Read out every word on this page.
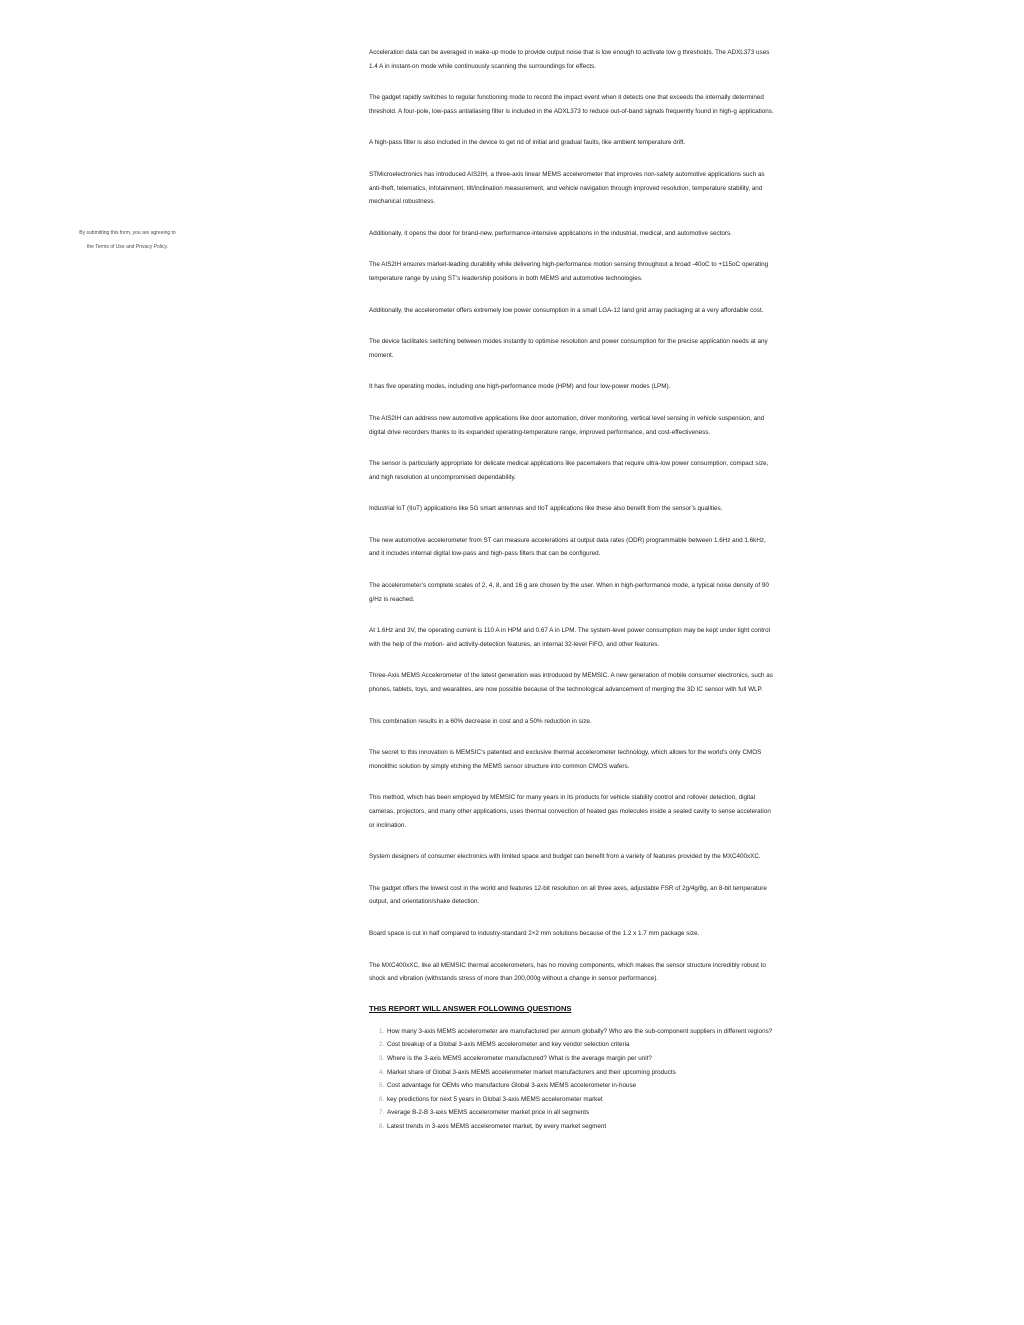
By submitting this form, you are agreeing to

the Terms of Use and Privacy Policy.

Acceleration data can be averaged in wake-up mode to provide output noise that is low enough to activate low g thresholds. The ADXL373 uses 1.4 A in instant-on mode while continuously scanning the surroundings for effects.

The gadget rapidly switches to regular functioning mode to record the impact event when it detects one that exceeds the internally determined threshold. A four-pole, low-pass antialiasing filter is included in the ADXL373 to reduce out-of-band signals frequently found in high-g applications.

A high-pass filter is also included in the device to get rid of initial and gradual faults, like ambient temperature drift.

STMicroelectronics has introduced AIS2IH, a three-axis linear MEMS accelerometer that improves non-safety automotive applications such as anti-theft, telematics, infotainment, tilt/inclination measurement, and vehicle navigation through improved resolution, temperature stability, and mechanical robustness.

Additionally, it opens the door for brand-new, performance-intensive applications in the industrial, medical, and automotive sectors.

The AIS2IH ensures market-leading durability while delivering high-performance motion sensing throughout a broad -40oC to +115oC operating temperature range by using ST’s leadership positions in both MEMS and automotive technologies.

Additionally, the accelerometer offers extremely low power consumption in a small LGA-12 land grid array packaging at a very affordable cost.

The device facilitates switching between modes instantly to optimise resolution and power consumption for the precise application needs at any moment.

It has five operating modes, including one high-performance mode (HPM) and four low-power modes (LPM).

The AIS2IH can address new automotive applications like door automation, driver monitoring, vertical level sensing in vehicle suspension, and digital drive recorders thanks to its expanded operating-temperature range, improved performance, and cost-effectiveness.

The sensor is particularly appropriate for delicate medical applications like pacemakers that require ultra-low power consumption, compact size, and high resolution at uncompromised dependability.

Industrial IoT (IIoT) applications like 5G smart antennas and IIoT applications like these also benefit from the sensor’s qualities.

The new automotive accelerometer from ST can measure accelerations at output data rates (ODR) programmable between 1.6Hz and 1.6kHz, and it includes internal digital low-pass and high-pass filters that can be configured.

The accelerometer’s complete scales of 2, 4, 8, and 16 g are chosen by the user. When in high-performance mode, a typical noise density of 90 g/Hz is reached.

At 1.6Hz and 3V, the operating current is 110 A in HPM and 0.67 A in LPM. The system-level power consumption may be kept under tight control with the help of the motion- and activity-detection features, an internal 32-level FIFO, and other features.

Three-Axis MEMS Accelerometer of the latest generation was introduced by MEMSIC. A new generation of mobile consumer electronics, such as phones, tablets, toys, and wearables, are now possible because of the technological advancement of merging the 3D IC sensor with full WLP.

This combination results in a 60% decrease in cost and a 50% reduction in size.

The secret to this innovation is MEMSIC’s patented and exclusive thermal accelerometer technology, which allows for the world’s only CMOS monolithic solution by simply etching the MEMS sensor structure into common CMOS wafers.

This method, which has been employed by MEMSIC for many years in its products for vehicle stability control and rollover detection, digital cameras, projectors, and many other applications, uses thermal convection of heated gas molecules inside a sealed cavity to sense acceleration or inclination.

System designers of consumer electronics with limited space and budget can benefit from a variety of features provided by the MXC400xXC.

The gadget offers the lowest cost in the world and features 12-bit resolution on all three axes, adjustable FSR of 2g/4g/8g, an 8-bit temperature output, and orientation/shake detection.

Board space is cut in half compared to industry-standard 2×2 mm solutions because of the 1.2 x 1.7 mm package size.

The MXC400xXC, like all MEMSIC thermal accelerometers, has no moving components, which makes the sensor structure incredibly robust to shock and vibration (withstands stress of more than 200,000g without a change in sensor performance).

THIS REPORT WILL ANSWER FOLLOWING QUESTIONS
1. How many 3-axis MEMS accelerometer are manufactured per annum globally? Who are the sub-component suppliers in different regions?
2. Cost breakup of a Global 3-axis MEMS accelerometer and key vendor selection criteria
3. Where is the 3-axis MEMS accelerometer manufactured? What is the average margin per unit?
4. Market share of Global 3-axis MEMS accelerometer market manufacturers and their upcoming products
5. Cost advantage for OEMs who manufacture Global 3-axis MEMS accelerometer in-house
6. key predictions for next 5 years in Global 3-axis MEMS accelerometer market
7. Average B-2-B 3-axis MEMS accelerometer market price in all segments
8. Latest trends in 3-axis MEMS accelerometer market, by every market segment
